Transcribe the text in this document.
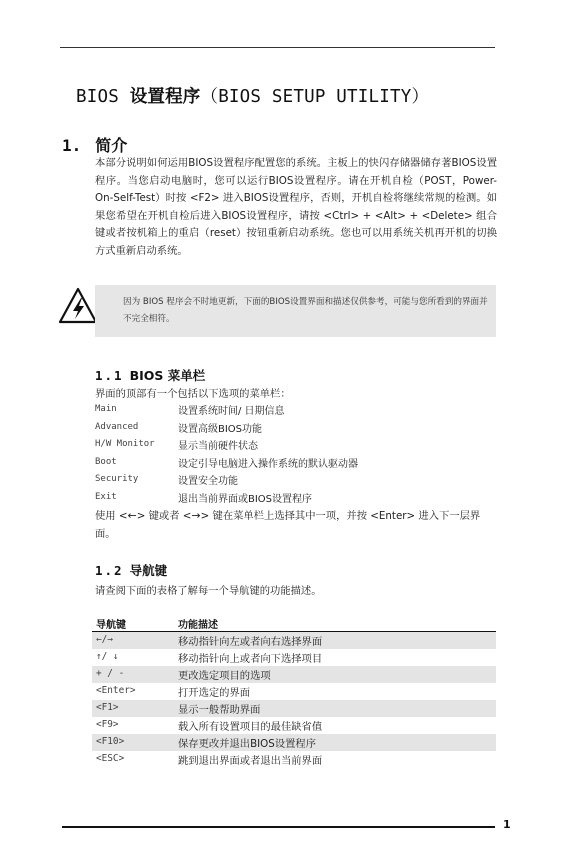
BIOS 设置程序（BIOS SETUP UTILITY）
1. 简介
本部分说明如何运用BIOS设置程序配置您的系统。主板上的快闪存储器储存著BIOS设置程序。当您启动电脑时，您可以运行BIOS设置程序。请在开机自检（POST，Power-On-Self-Test）时按 <F2> 进入BIOS设置程序，否则，开机自检将继续常规的检测。如果您希望在开机自检后进入BIOS设置程序，请按 <Ctrl> + <Alt> + <Delete> 组合键或者按机箱上的重启（reset）按钮重新启动系统。您也可以用系统关机再开机的切换方式重新启动系统。
因为 BIOS 程序会不时地更新，下面的BIOS设置界面和描述仅供参考，可能与您所看到的界面并不完全相符。
1.1 BIOS 菜单栏
界面的顶部有一个包括以下选项的菜单栏：
Main	设置系统时间/ 日期信息
Advanced	设置高级BIOS功能
H/W Monitor 显示当前硬件状态
Boot	设定引导电脑进入操作系统的默认驱动器
Security	设置安全功能
Exit	退出当前界面或BIOS设置程序
使用 <←> 键或者 <→> 键在菜单栏上选择其中一项，并按 <Enter> 进入下一层界面。
1.2 导航键
请查阅下面的表格了解每一个导航键的功能描述。
导航键	功能描述
←/→	移动指针向左或者向右选择界面
↑/ ↓	移动指针向上或者向下选择项目
+ / -	更改选定项目的选项
<Enter>	打开选定的界面
<F1>	显示一般帮助界面
<F9>	载入所有设置项目的最佳缺省值
<F10>	保存更改并退出BIOS设置程序
<ESC>	跳到退出界面或者退出当前界面
1
